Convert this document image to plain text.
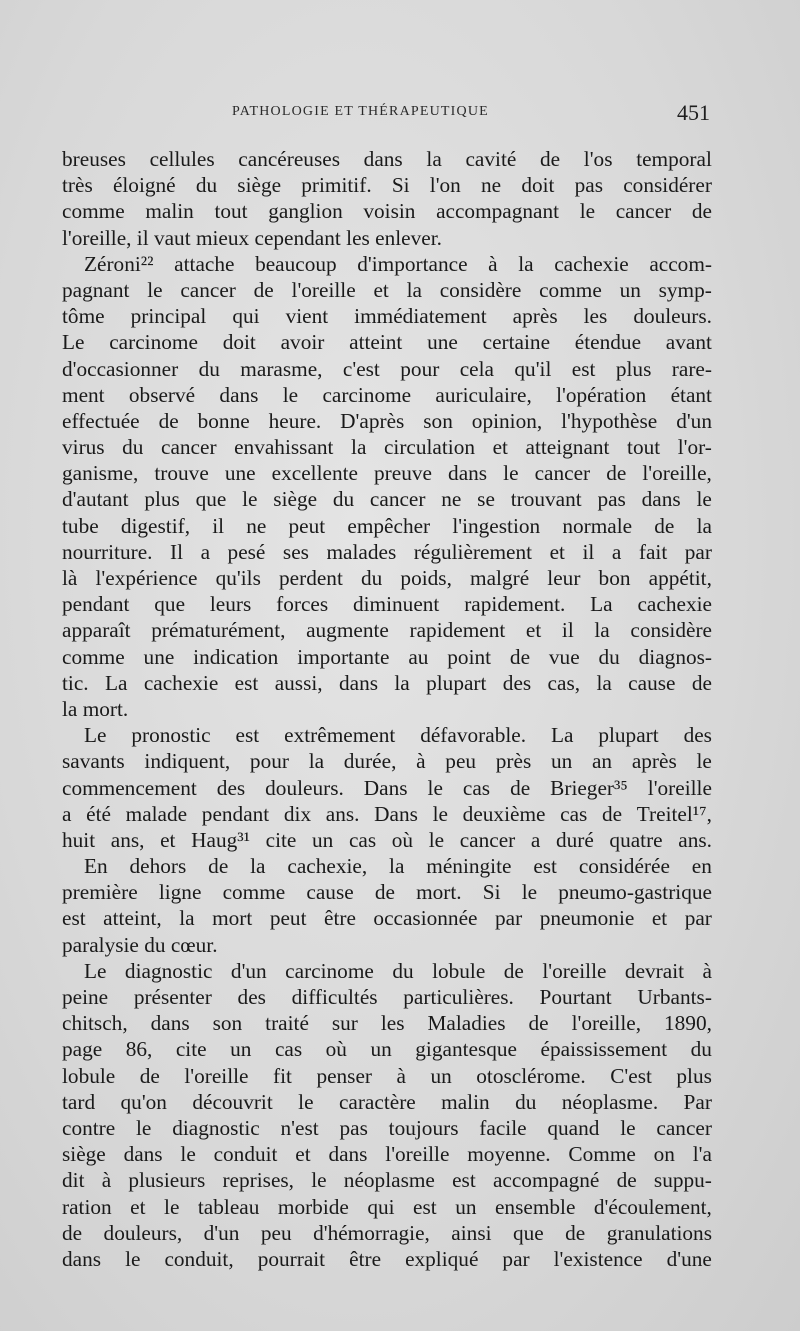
PATHOLOGIE ET THÉRAPEUTIQUE	451
breuses cellules cancéreuses dans la cavité de l'os temporal
très éloigné du siège primitif. Si l'on ne doit pas considérer
comme malin tout ganglion voisin accompagnant le cancer de
l'oreille, il vaut mieux cependant les enlever.
Zéroni²² attache beaucoup d'importance à la cachexie accom-
pagnant le cancer de l'oreille et la considère comme un symp-
tôme principal qui vient immédiatement après les douleurs.
Le carcinome doit avoir atteint une certaine étendue avant
d'occasionner du marasme, c'est pour cela qu'il est plus rare-
ment observé dans le carcinome auriculaire, l'opération étant
effectuée de bonne heure. D'après son opinion, l'hypothèse d'un
virus du cancer envahissant la circulation et atteignant tout l'or-
ganisme, trouve une excellente preuve dans le cancer de l'oreille,
d'autant plus que le siège du cancer ne se trouvant pas dans le
tube digestif, il ne peut empêcher l'ingestion normale de la
nourriture. Il a pesé ses malades régulièrement et il a fait par
là l'expérience qu'ils perdent du poids, malgré leur bon appétit,
pendant que leurs forces diminuent rapidement. La cachexie
apparaît prématurément, augmente rapidement et il la considère
comme une indication importante au point de vue du diagnos-
tic. La cachexie est aussi, dans la plupart des cas, la cause de
la mort.
Le pronostic est extrêmement défavorable. La plupart des
savants indiquent, pour la durée, à peu près un an après le
commencement des douleurs. Dans le cas de Brieger³⁵ l'oreille
a été malade pendant dix ans. Dans le deuxième cas de Treitel¹⁷,
huit ans, et Haug³¹ cite un cas où le cancer a duré quatre ans.
En dehors de la cachexie, la méningite est considérée en
première ligne comme cause de mort. Si le pneumo-gastrique
est atteint, la mort peut être occasionnée par pneumonie et par
paralysie du cœur.
Le diagnostic d'un carcinome du lobule de l'oreille devrait à
peine présenter des difficultés particulières. Pourtant Urbants-
chitsch, dans son traité sur les Maladies de l'oreille, 1890,
page 86, cite un cas où un gigantesque épaississement du
lobule de l'oreille fit penser à un otosclérome. C'est plus
tard qu'on découvrit le caractère malin du néoplasme. Par
contre le diagnostic n'est pas toujours facile quand le cancer
siège dans le conduit et dans l'oreille moyenne. Comme on l'a
dit à plusieurs reprises, le néoplasme est accompagné de suppu-
ration et le tableau morbide qui est un ensemble d'écoulement,
de douleurs, d'un peu d'hémorragie, ainsi que de granulations
dans le conduit, pourrait être expliqué par l'existence d'une
